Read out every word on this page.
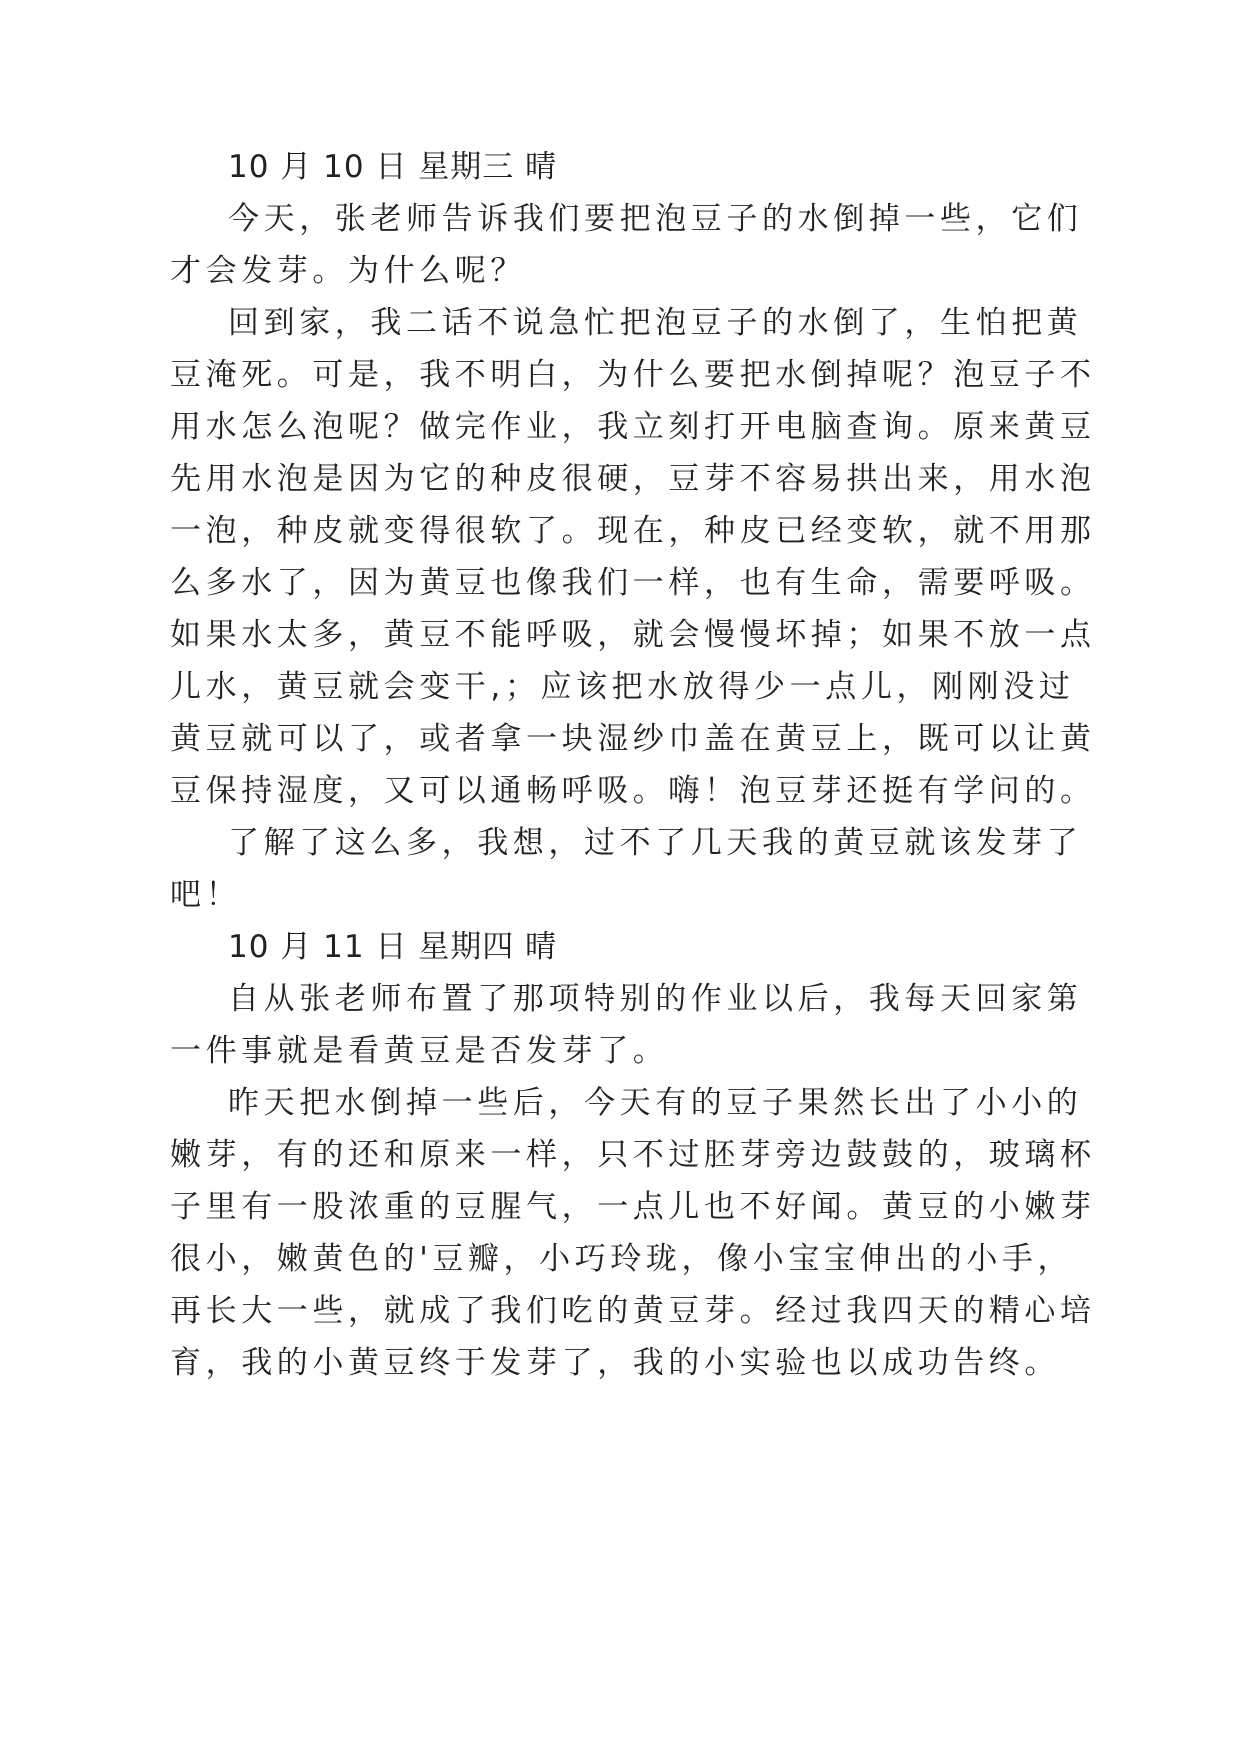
10 月 10 日 星期三 晴
今天，张老师告诉我们要把泡豆子的水倒掉一些，它们
才会发芽。为什么呢？
回到家，我二话不说急忙把泡豆子的水倒了，生怕把黄
豆淹死。可是，我不明白，为什么要把水倒掉呢？泡豆子不
用水怎么泡呢？做完作业，我立刻打开电脑查询。原来黄豆
先用水泡是因为它的种皮很硬，豆芽不容易拱出来，用水泡
一泡，种皮就变得很软了。现在，种皮已经变软，就不用那
么多水了，因为黄豆也像我们一样，也有生命，需要呼吸。
如果水太多，黄豆不能呼吸，就会慢慢坏掉；如果不放一点
儿水，黄豆就会变干,；应该把水放得少一点儿，刚刚没过
黄豆就可以了，或者拿一块湿纱巾盖在黄豆上，既可以让黄
豆保持湿度，又可以通畅呼吸。嗨！泡豆芽还挺有学问的。
了解了这么多，我想，过不了几天我的黄豆就该发芽了
吧！
10 月 11 日 星期四 晴
自从张老师布置了那项特别的作业以后，我每天回家第
一件事就是看黄豆是否发芽了。
昨天把水倒掉一些后，今天有的豆子果然长出了小小的
嫩芽，有的还和原来一样，只不过胚芽旁边鼓鼓的，玻璃杯
子里有一股浓重的豆腥气，一点儿也不好闻。黄豆的小嫩芽
很小，嫩黄色的'豆瓣，小巧玲珑，像小宝宝伸出的小手，
再长大一些，就成了我们吃的黄豆芽。经过我四天的精心培
育，我的小黄豆终于发芽了，我的小实验也以成功告终。
